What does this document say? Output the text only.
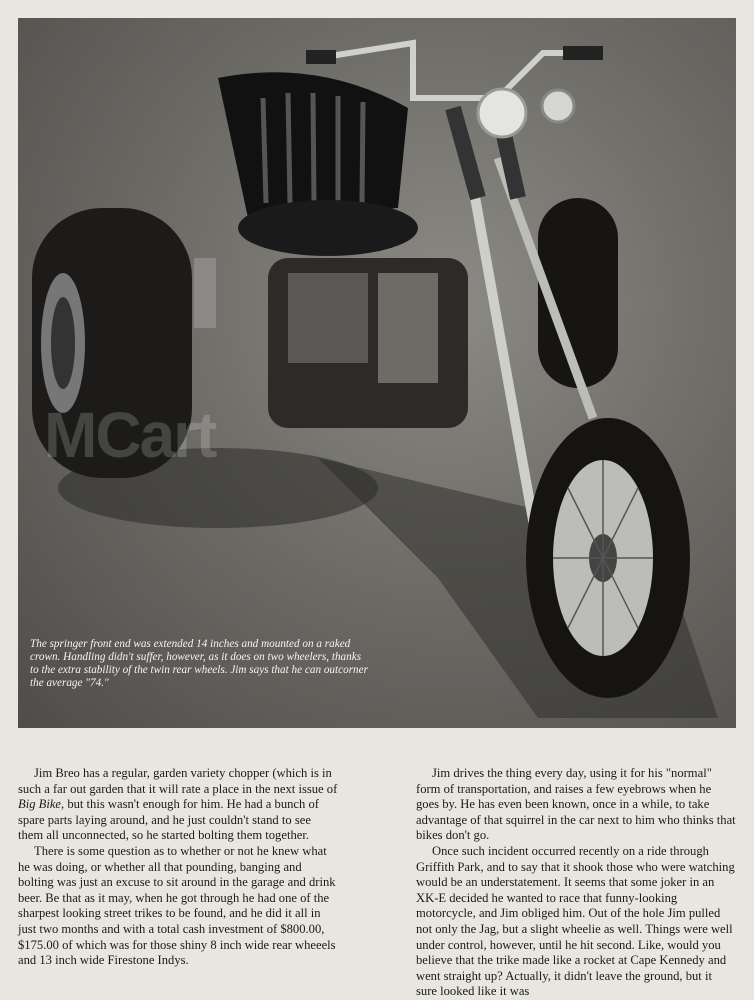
MCart
The springer front end was extended 14 inches and mounted on a raked crown. Handling didn't suffer, however, as it does on two wheelers, thanks to the extra stability of the twin rear wheels. Jim says that he can outcorner the average "74."

Jim Breo has a regular, garden variety chopper (which is in such a far out garden that it will rate a place in the next issue of Big Bike, but this wasn't enough for him. He had a bunch of spare parts laying around, and he just couldn't stand to see them all unconnected, so he started bolting them together.

There is some question as to whether or not he knew what he was doing, or whether all that pounding, banging and bolting was just an excuse to sit around in the garage and drink beer. Be that as it may, when he got through he had one of the sharpest looking street trikes to be found, and he did it all in just two months and with a total cash investment of $800.00, $175.00 of which was for those shiny 8 inch wide rear wheeels and 13 inch wide Firestone Indys.

Jim drives the thing every day, using it for his "normal" form of transportation, and raises a few eyebrows when he goes by. He has even been known, once in a while, to take advantage of that squirrel in the car next to him who thinks that bikes don't go.

Once such incident occurred recently on a ride through Griffith Park, and to say that it shook those who were watching would be an understatement. It seems that some joker in an XK-E decided he wanted to race that funny-looking motorcycle, and Jim obliged him. Out of the hole Jim pulled not only the Jag, but a slight wheelie as well. Things were well under control, however, until he hit second. Like, would you believe that the trike made like a rocket at Cape Kennedy and went straight up? Actually, it didn't leave the ground, but it sure looked like it was
